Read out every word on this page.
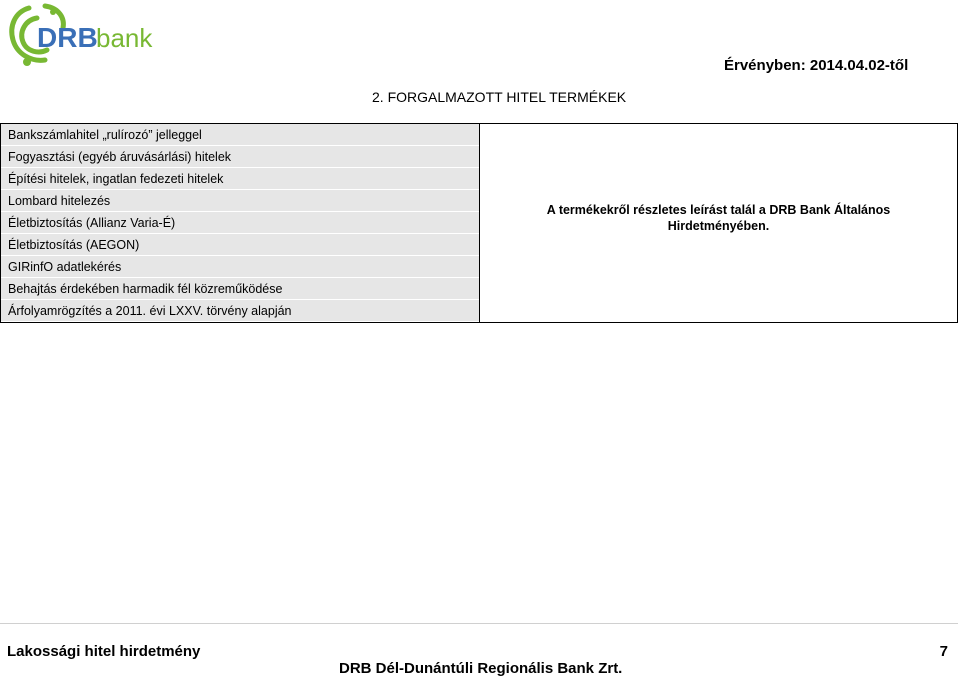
DRB
bank
Érvényben: 2014.04.02-től
2. FORGALMAZOTT HITEL TERMÉKEK
Bankszámlahitel „rulírozó” jelleggel
Fogyasztási (egyéb áruvásárlási) hitelek
Építési hitelek, ingatlan fedezeti hitelek
Lombard hitelezés
Életbiztosítás (Allianz Varia-É)
Életbiztosítás (AEGON)
GIRinfO adatlekérés
Behajtás érdekében harmadik fél közreműködése
Árfolyamrögzítés a 2011. évi LXXV. törvény alapján
A termékekről részletes leírást talál a DRB Bank Általános Hirdetményében.
Lakossági hitel hirdetmény	7
DRB Dél-Dunántúli Regionális Bank Zrt.
